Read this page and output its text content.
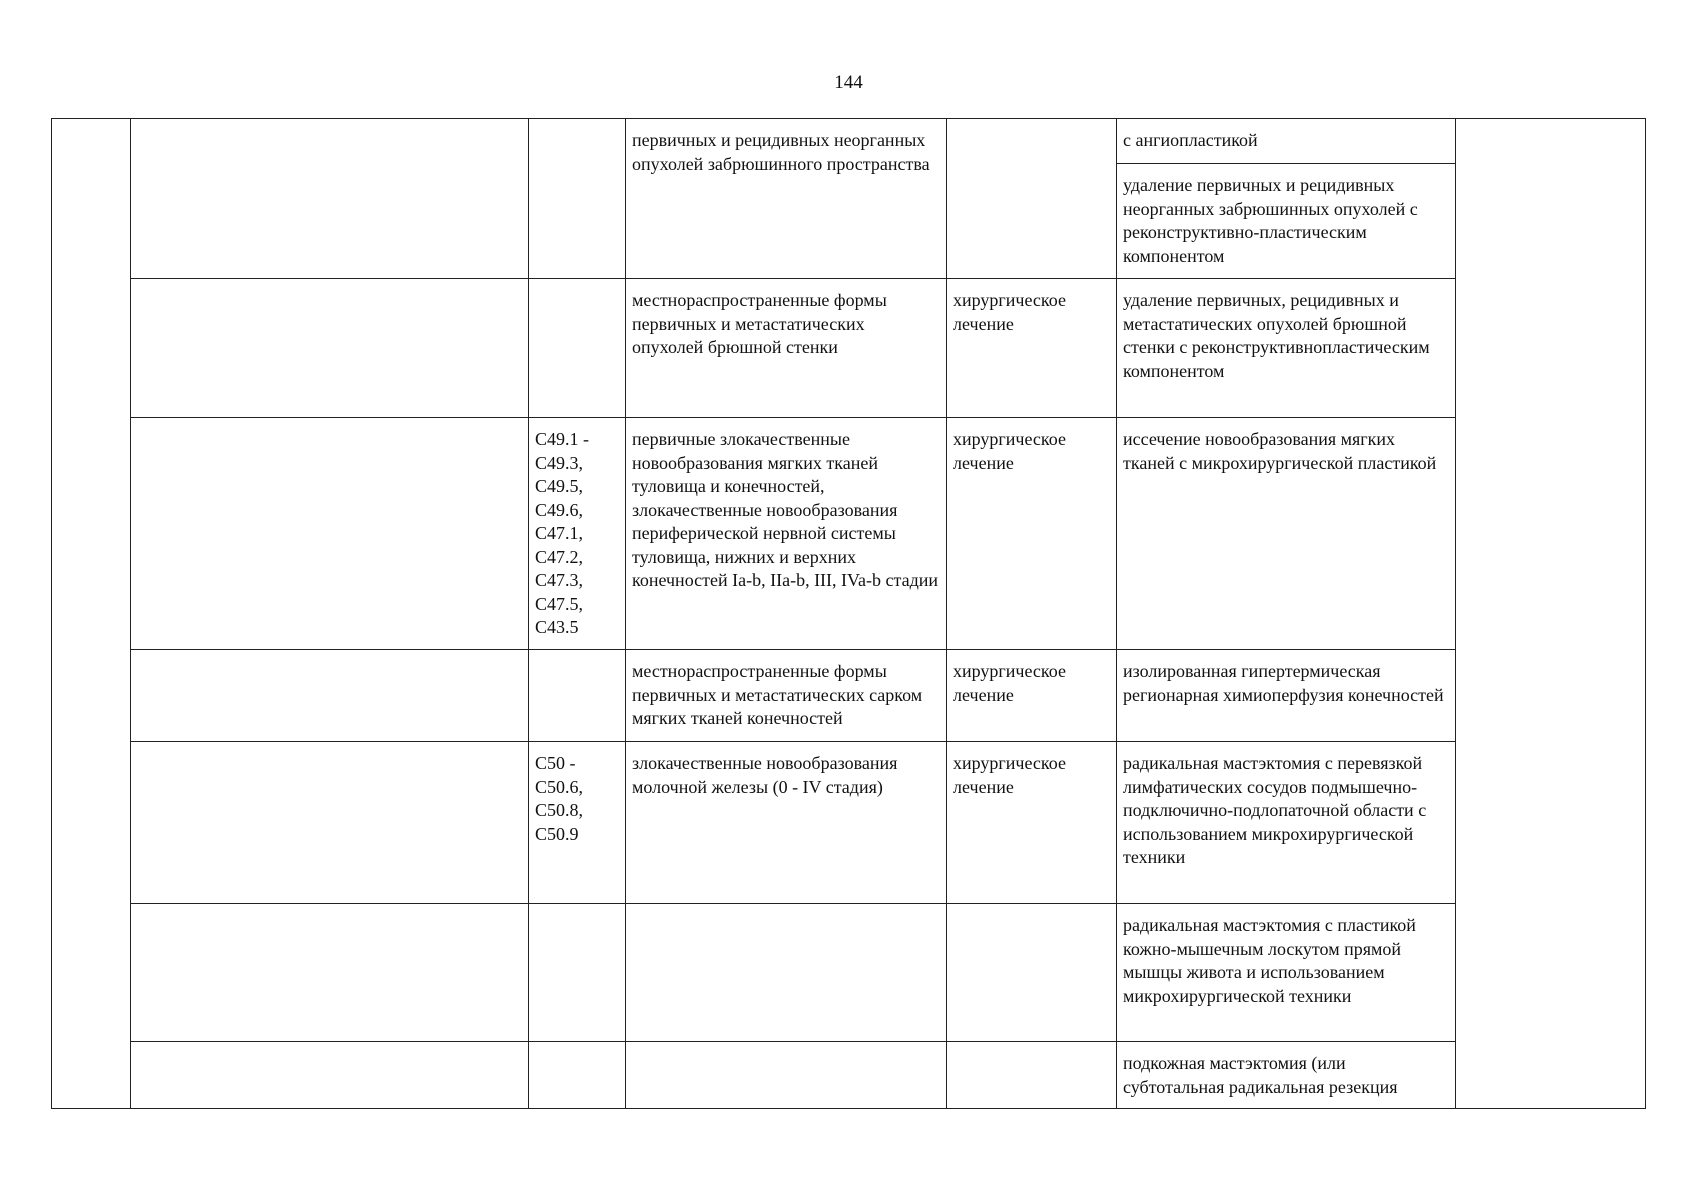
144
			первичных и рецидивных неорганных опухолей забрюшинного пространства		с ангиопластикой	
					удаление первичных и рецидивных неорганных забрюшинных опухолей с реконструктивно-пластическим компонентом	
			местнораспространенные формы первичных и метастатических опухолей брюшной стенки	хирургическое лечение	удаление первичных, рецидивных и метастатических опухолей брюшной стенки с реконструктивнопластическим компонентом	
		С49.1 - С49.3, С49.5, С49.6, С47.1, С47.2, С47.3, С47.5, С43.5	первичные злокачественные новообразования мягких тканей туловища и конечностей, злокачественные новообразования периферической нервной системы туловища, нижних и верхних конечностей Ia-b, IIa-b, III, IVa-b стадии	хирургическое лечение	иссечение новообразования мягких тканей с микрохирургической пластикой	
			местнораспространенные формы первичных и метастатических сарком мягких тканей конечностей	хирургическое лечение	изолированная гипертермическая регионарная химиоперфузия конечностей	
		С50 - С50.6, С50.8, С50.9	злокачественные новообразования молочной железы (0 - IV стадия)	хирургическое лечение	радикальная мастэктомия с перевязкой лимфатических сосудов подмышечно-подключично-подлопаточной области с использованием микрохирургической техники	
					радикальная мастэктомия с пластикой кожно-мышечным лоскутом прямой мышцы живота и использованием микрохирургической техники	
					подкожная мастэктомия (или субтотальная радикальная резекция	
